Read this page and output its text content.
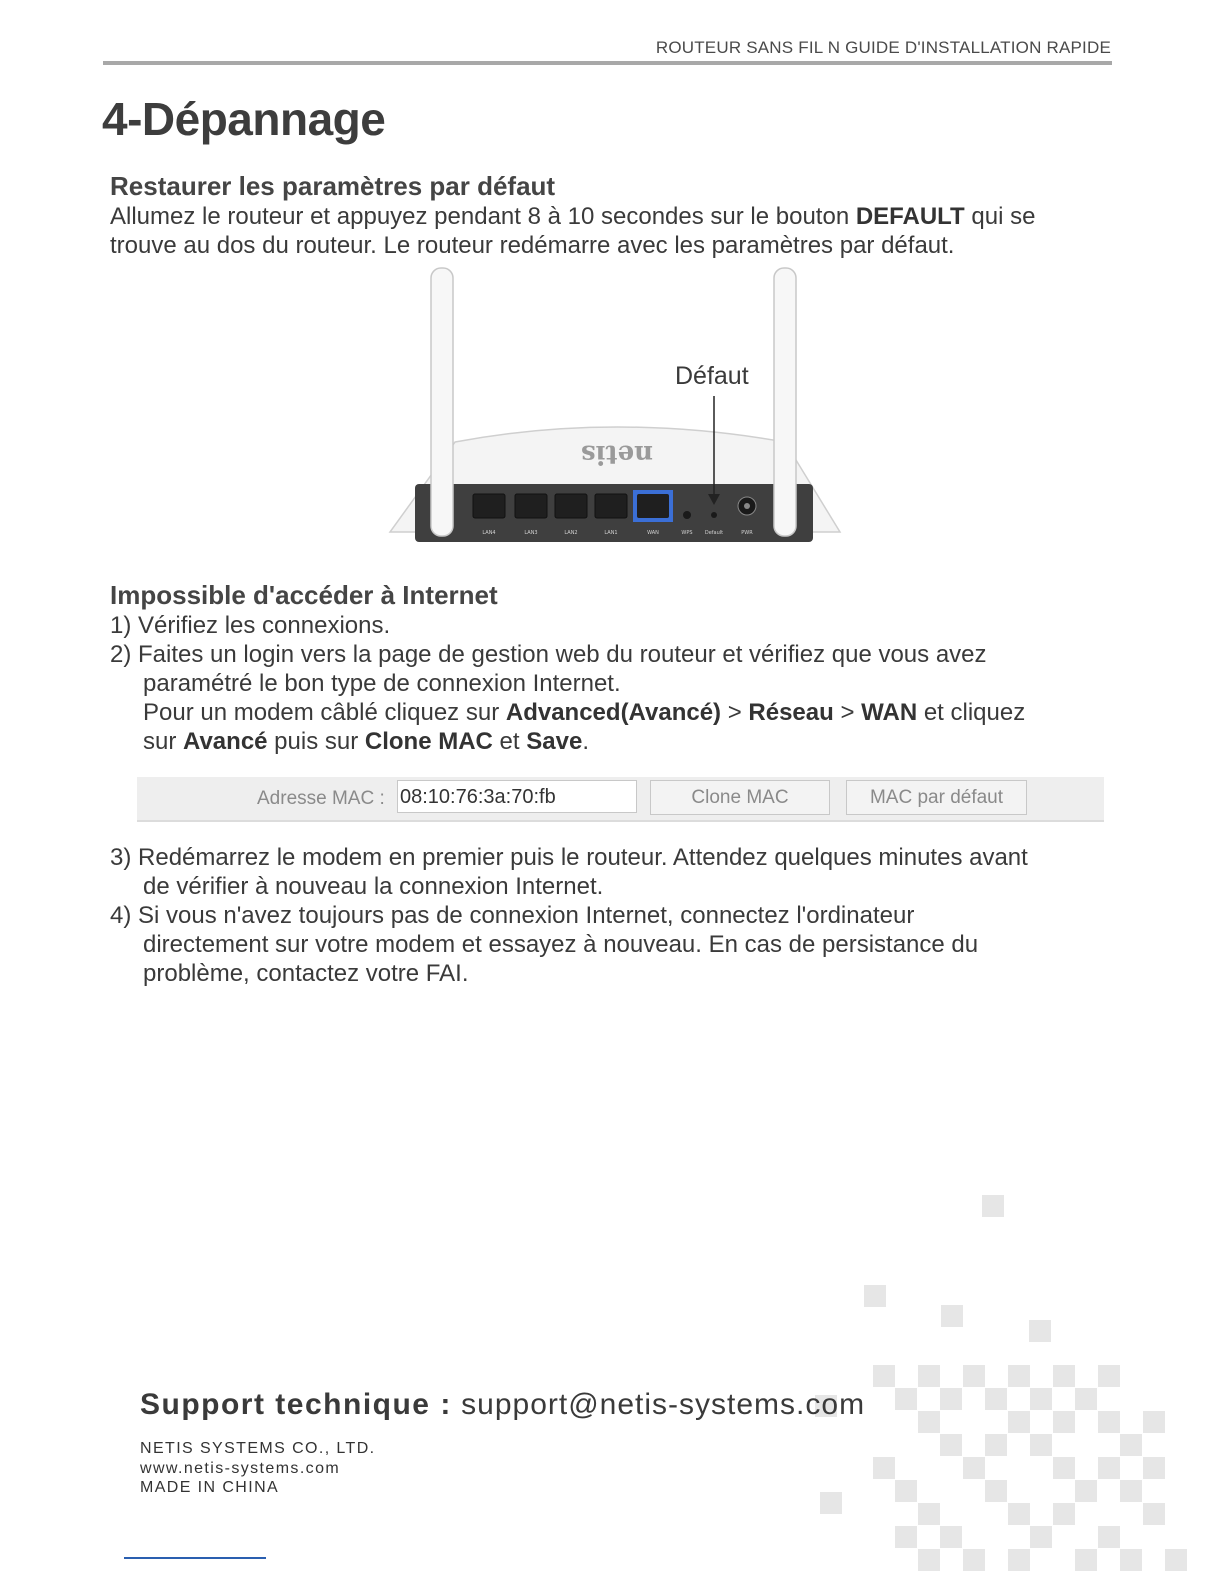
ROUTEUR SANS FIL N GUIDE D'INSTALLATION RAPIDE
4-Dépannage
Restaurer les paramètres par défaut
Allumez le routeur et appuyez pendant 8 à 10 secondes sur le bouton DEFAULT qui se
trouve au dos du routeur. Le routeur redémarre avec les paramètres par défaut.
netis
LAN4	LAN3	LAN2	LAN1	WAN	WPS Default	PWR
Défaut
Impossible d'accéder à Internet
1) Vérifiez les connexions.
2) Faites un login vers la page de gestion web du routeur et vérifiez que vous avez
paramétré le bon type de connexion Internet.
Pour un modem câblé cliquez sur Advanced(Avancé) > Réseau > WAN et cliquez
sur Avancé puis sur Clone MAC et Save.
Adresse MAC : 08:10:76:3a:70:fb	Clone MAC	MAC par défaut
3) Redémarrez le modem en premier puis le routeur. Attendez quelques minutes avant
de vérifier à nouveau la connexion Internet.
4) Si vous n'avez toujours pas de connexion Internet, connectez l'ordinateur
directement sur votre modem et essayez à nouveau. En cas de persistance du
problème, contactez votre FAI.
Support technique : support@netis-systems.com
NETIS SYSTEMS CO., LTD.
www.netis-systems.com
MADE IN CHINA
